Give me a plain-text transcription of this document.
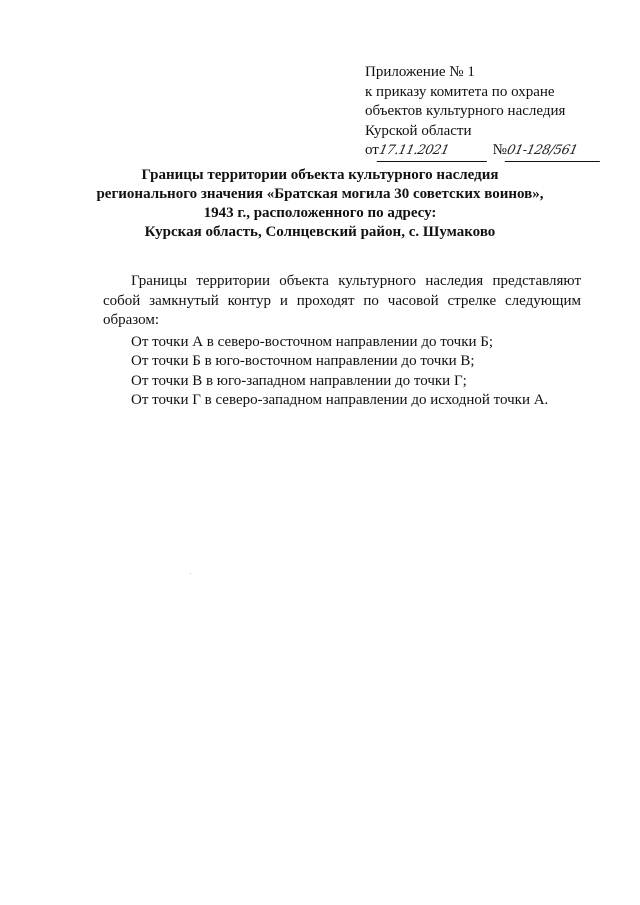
Приложение № 1
к приказу комитета по охране
объектов культурного наследия
Курской области
от17.11.2021	№01-128/561
Границы территории объекта культурного наследия
регионального значения «Братская могила 30 советских воинов»,
1943 г., расположенного по адресу:
Курская область, Солнцевский район, с. Шумаково

Границы территории объекта культурного наследия представляют собой замкнутый контур и проходят по часовой стрелке следующим образом:

От точки А в северо-восточном направлении до точки Б;

От точки Б в юго-восточном направлении до точки В;

От точки В в юго-западном направлении до точки Г;

От точки Г в северо-западном направлении до исходной точки А.
